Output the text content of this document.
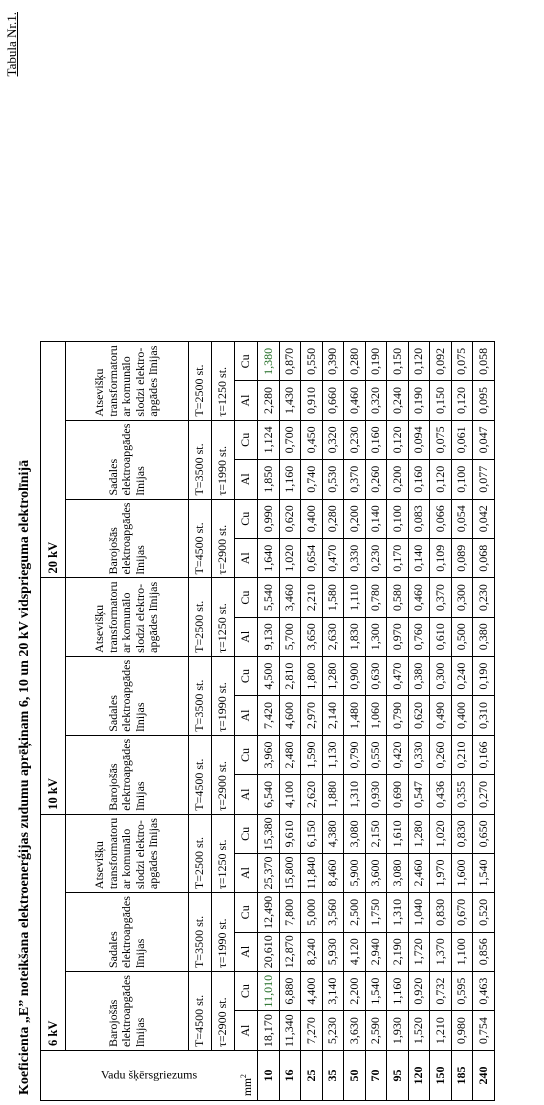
Tabula Nr.1.
Koeficienta „E” noteikšana elektroenerģijas zudumu aprēķinam 6, 10 un 20 kV vidsprieguma elektrolīnijā	Vadu šķērsgriezums
$mm^2$	6 kV						10 kV						20 kV					
	Barojošās elektroapgādes līnijas		Sadales elektroapgādes līnijas		Atsevišķu transformatoru ar komunālo slodzi elektro-apgādes līnijas		Barojošās elektroapgādes līnijas		Sadales elektroapgādes līnijas		Atsevišķu transformatoru ar komunālo slodzi elektro-apgādes līnijas		Barojošās elektroapgādes līnijas		Sadales elektroapgādes līnijas		Atsevišķu transformatoru ar komunālo slodzi elektro-apgādes līnijas	
	T=4500 st.		T=3500 st.		T=2500 st.		T=4500 st.		T=3500 st.		T=2500 st.		T=4500 st.		T=3500 st.		T=2500 st.	
	τ=2900 st.		τ=1990 st.		τ=1250 st.		τ=2900 st.		τ=1990 st.		τ=1250 st.		τ=2900 st.		τ=1990 st.		τ=1250 st.	
	Al	Cu	Al	Cu	Al	Cu	Al	Cu	Al	Cu	Al	Cu	Al	Cu	Al	Cu	Al	Cu
10	18,170	11,010	20,610	12,490	25,370	15,380	6,540	3,960	7,420	4,500	9,130	5,540	1,640	0,990	1,850	1,124	2,280	1,380
16	11,340	6,880	12,870	7,800	15,800	9,610	4,100	2,480	4,600	2,810	5,700	3,460	1,020	0,620	1,160	0,700	1,430	0,870
25	7,270	4,400	8,240	5,000	11,840	6,150	2,620	1,590	2,970	1,800	3,650	2,210	0,654	0,400	0,740	0,450	0,910	0,550
35	5,230	3,140	5,930	3,560	8,460	4,380	1,880	1,130	2,140	1,280	2,630	1,580	0,470	0,280	0,530	0,320	0,660	0,390
50	3,630	2,200	4,120	2,500	5,900	3,080	1,310	0,790	1,480	0,900	1,830	1,110	0,330	0,200	0,370	0,230	0,460	0,280
70	2,590	1,540	2,940	1,750	3,600	2,150	0,930	0,550	1,060	0,630	1,300	0,780	0,230	0,140	0,260	0,160	0,320	0,190
95	1,930	1,160	2,190	1,310	3,080	1,610	0,690	0,420	0,790	0,470	0,970	0,580	0,170	0,100	0,200	0,120	0,240	0,150
120	1,520	0,920	1,720	1,040	2,460	1,280	0,547	0,330	0,620	0,380	0,760	0,460	0,140	0,083	0,160	0,094	0,190	0,120
150	1,210	0,732	1,370	0,830	1,970	1,020	0,436	0,260	0,490	0,300	0,610	0,370	0,109	0,066	0,120	0,075	0,150	0,092
185	0,980	0,595	1,100	0,670	1,600	0,830	0,355	0,210	0,400	0,240	0,500	0,300	0,089	0,054	0,100	0,061	0,120	0,075
240	0,754	0,463	0,856	0,520	1,540	0,650	0,270	0,166	0,310	0,190	0,380	0,230	0,068	0,042	0,077	0,047	0,095	0,058
